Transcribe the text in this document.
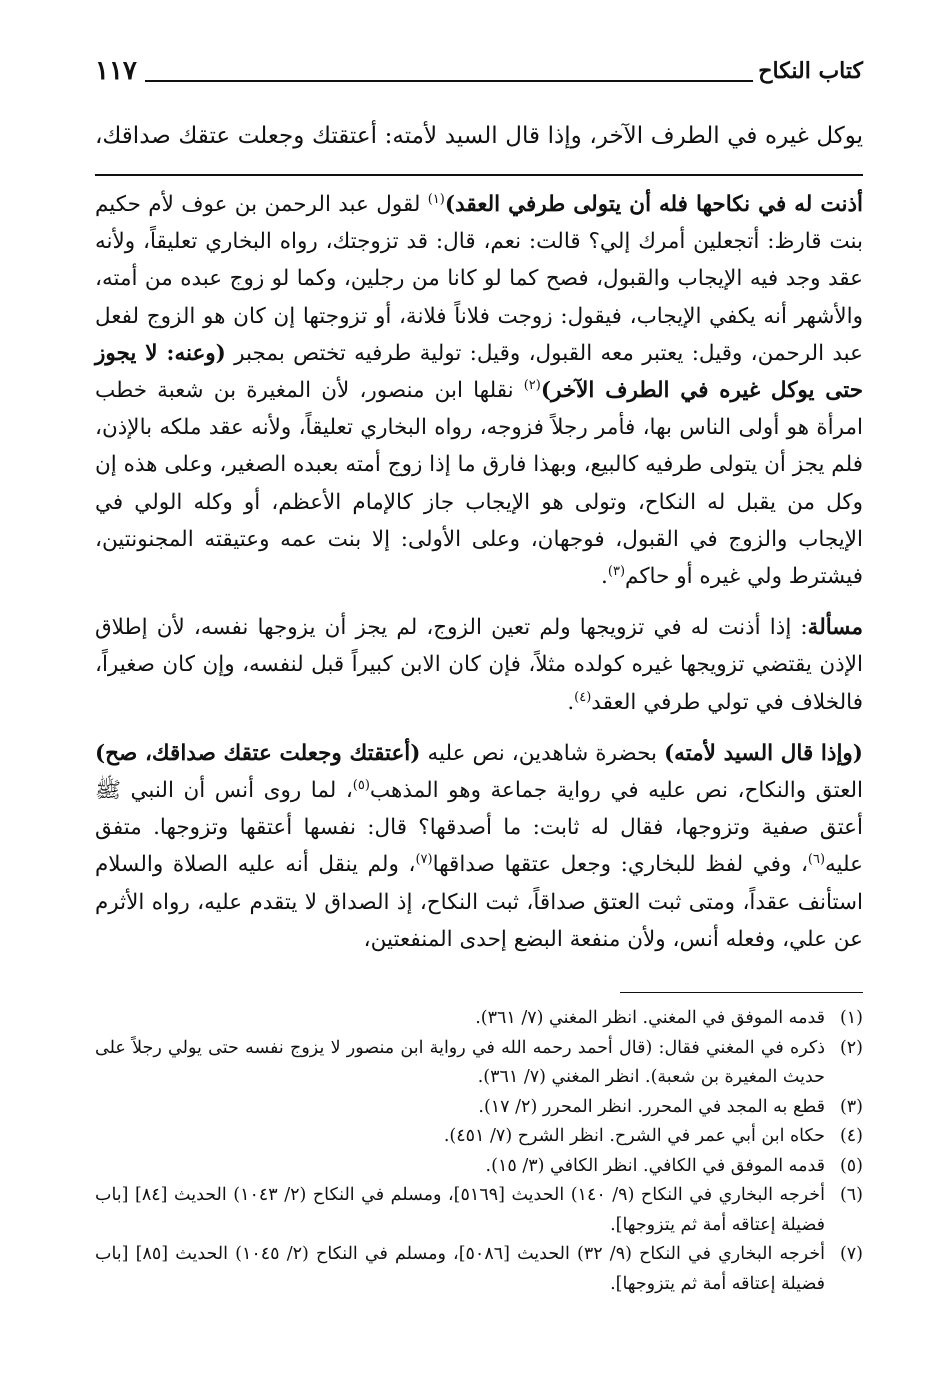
كتاب النكاح
١١٧
يوكل غيره في الطرف الآخر، وإذا قال السيد لأمته: أعتقتك وجعلت عتقك صداقك،

أذنت له في نكاحها فله أن يتولى طرفي العقد)$^{(١)}$ لقول عبد الرحمن بن عوف لأم حكيم بنت قارظ: أتجعلين أمرك إلي؟ قالت: نعم، قال: قد تزوجتك، رواه البخاري تعليقاً، ولأنه عقد وجد فيه الإيجاب والقبول، فصح كما لو كانا من رجلين، وكما لو زوج عبده من أمته، والأشهر أنه يكفي الإيجاب، فيقول: زوجت فلاناً فلانة، أو تزوجتها إن كان هو الزوج لفعل عبد الرحمن، وقيل: يعتبر معه القبول، وقيل: تولية طرفيه تختص بمجبر (وعنه: لا يجوز حتى يوكل غيره في الطرف الآخر)$^{(٢)}$ نقلها ابن منصور، لأن المغيرة بن شعبة خطب امرأة هو أولى الناس بها، فأمر رجلاً فزوجه، رواه البخاري تعليقاً، ولأنه عقد ملكه بالإذن، فلم يجز أن يتولى طرفيه كالبيع، وبهذا فارق ما إذا زوج أمته بعبده الصغير، وعلى هذه إن وكل من يقبل له النكاح، وتولى هو الإيجاب جاز كالإمام الأعظم، أو وكله الولي في الإيجاب والزوج في القبول، فوجهان، وعلى الأولى: إلا بنت عمه وعتيقته المجنونتين، فيشترط ولي غيره أو حاكم$^{(٣)}$.

مسألة: إذا أذنت له في تزويجها ولم تعين الزوج، لم يجز أن يزوجها نفسه، لأن إطلاق الإذن يقتضي تزويجها غيره كولده مثلاً، فإن كان الابن كبيراً قبل لنفسه، وإن كان صغيراً، فالخلاف في تولي طرفي العقد$^{(٤)}$.

(وإذا قال السيد لأمته) بحضرة شاهدين، نص عليه (أعتقتك وجعلت عتقك صداقك، صح) العتق والنكاح، نص عليه في رواية جماعة وهو المذهب$^{(٥)}$، لما روى أنس أن النبي ﷺ أعتق صفية وتزوجها، فقال له ثابت: ما أصدقها؟ قال: نفسها أعتقها وتزوجها. متفق عليه$^{(٦)}$، وفي لفظ للبخاري: وجعل عتقها صداقها$^{(٧)}$، ولم ينقل أنه عليه الصلاة والسلام استأنف عقداً، ومتى ثبت العتق صداقاً، ثبت النكاح، إذ الصداق لا يتقدم عليه، رواه الأثرم عن علي، وفعله أنس، ولأن منفعة البضع إحدى المنفعتين،

(١)
قدمه الموفق في المغني. انظر المغني (٧/ ٣٦١).
(٢)
ذكره في المغني فقال: (قال أحمد رحمه الله في رواية ابن منصور لا يزوج نفسه حتى يولي رجلاً على حديث المغيرة بن شعبة). انظر المغني (٧/ ٣٦١).
(٣)
قطع به المجد في المحرر. انظر المحرر (٢/ ١٧).
(٤)
حكاه ابن أبي عمر في الشرح. انظر الشرح (٧/ ٤٥١).
(٥)
قدمه الموفق في الكافي. انظر الكافي (٣/ ١٥).
(٦)
أخرجه البخاري في النكاح (٩/ ١٤٠) الحديث [٥١٦٩]، ومسلم في النكاح (٢/ ١٠٤٣) الحديث [٨٤] [باب فضيلة إعتاقه أمة ثم يتزوجها].
(٧)
أخرجه البخاري في النكاح (٩/ ٣٢) الحديث [٥٠٨٦]، ومسلم في النكاح (٢/ ١٠٤٥) الحديث [٨٥] [باب فضيلة إعتاقه أمة ثم يتزوجها].
